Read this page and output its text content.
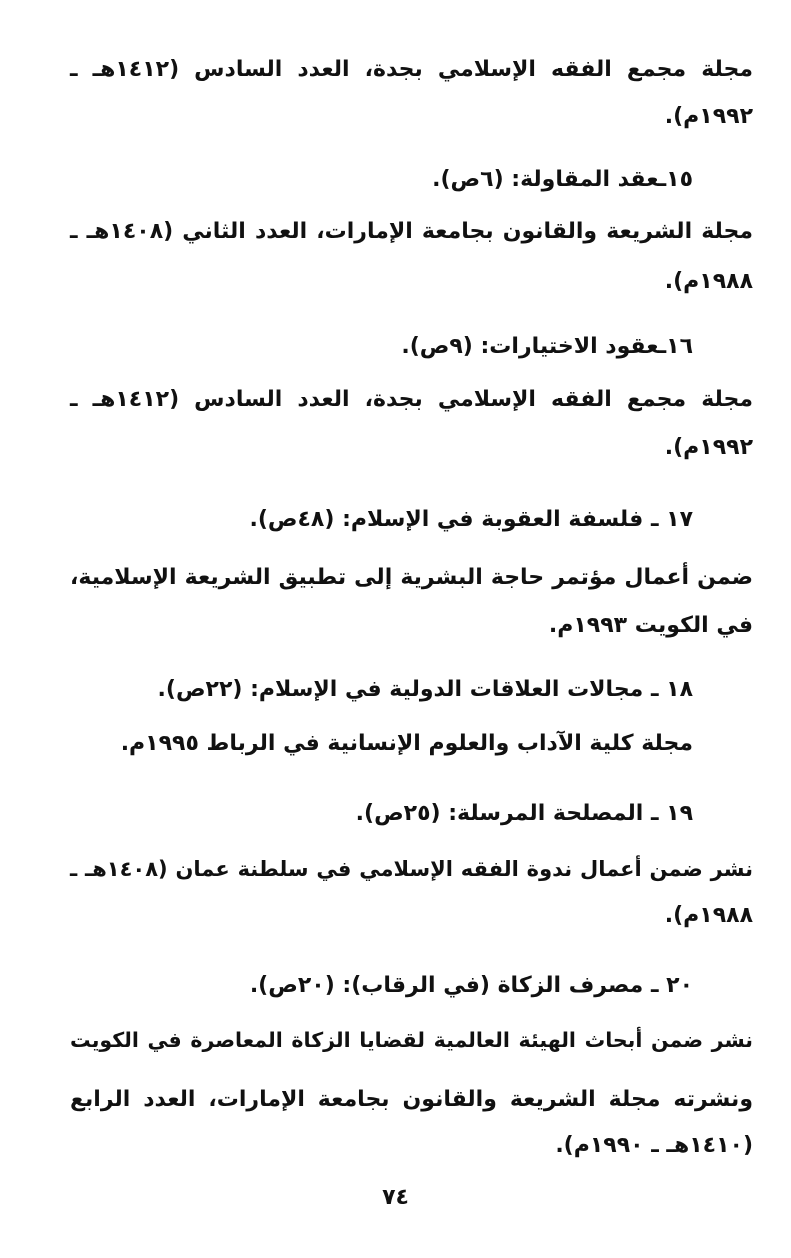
مجلة مجمع الفقه الإسلامي بجدة، العدد السادس (١٤١٢هـ ـ
١٩٩٢م).
١٥ـعقد المقاولة: (٦ص).
مجلة الشريعة والقانون بجامعة الإمارات، العدد الثاني (١٤٠٨هـ ـ
١٩٨٨م).
١٦ـعقود الاختيارات: (٩ص).
مجلة مجمع الفقه الإسلامي بجدة، العدد السادس (١٤١٢هـ ـ
١٩٩٢م).
١٧ ـ فلسفة العقوبة في الإسلام: (٤٨ص).
ضمن أعمال مؤتمر حاجة البشرية إلى تطبيق الشريعة الإسلامية،
في الكويت ١٩٩٣م.
١٨ ـ مجالات العلاقات الدولية في الإسلام: (٢٢ص).
مجلة كلية الآداب والعلوم الإنسانية في الرباط ١٩٩٥م.
١٩ ـ المصلحة المرسلة: (٢٥ص).
نشر ضمن أعمال ندوة الفقه الإسلامي في سلطنة عمان (١٤٠٨هـ ـ
١٩٨٨م).
٢٠ ـ مصرف الزكاة (في الرقاب): (٢٠ص).
نشر ضمن أبحاث الهيئة العالمية لقضايا الزكاة المعاصرة في الكويت
ونشرته مجلة الشريعة والقانون بجامعة الإمارات، العدد الرابع
(١٤١٠هـ ـ ١٩٩٠م).
٧٤
